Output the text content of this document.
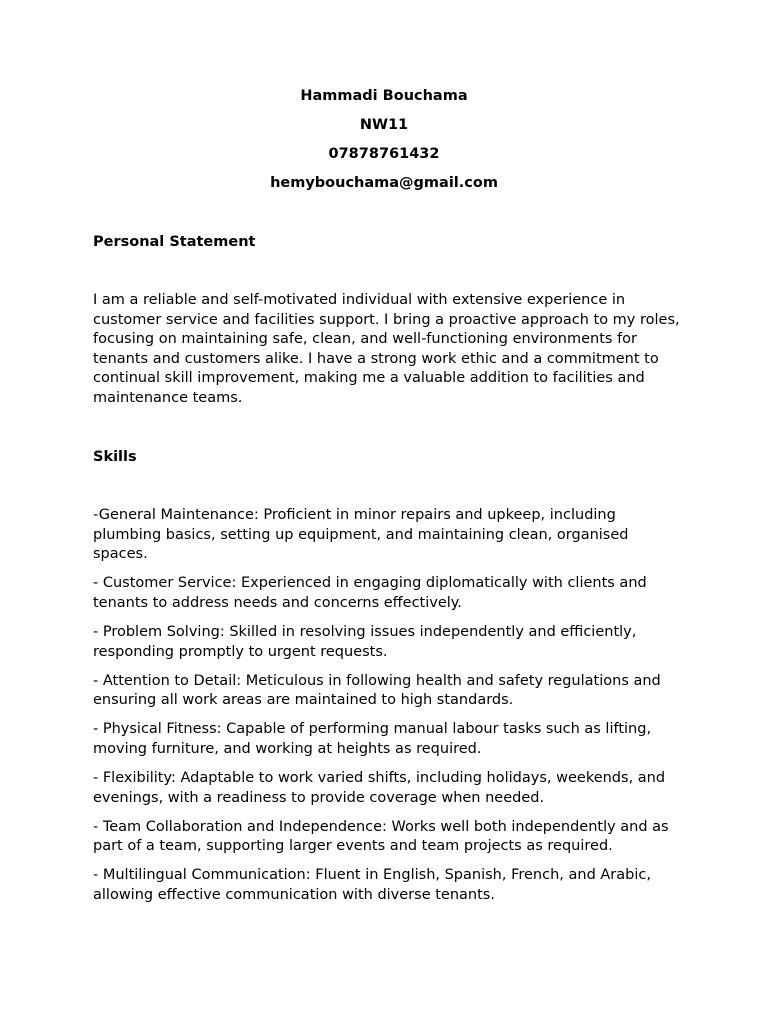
Hammadi Bouchama
NW11
07878761432
hemybouchama@gmail.com
Personal Statement

I am a reliable and self-motivated individual with extensive experience in customer service and facilities support. I bring a proactive approach to my roles, focusing on maintaining safe, clean, and well-functioning environments for tenants and customers alike. I have a strong work ethic and a commitment to continual skill improvement, making me a valuable addition to facilities and maintenance teams.

Skills
-General Maintenance: Proficient in minor repairs and upkeep, including plumbing basics, setting up equipment, and maintaining clean, organised spaces.
- Customer Service: Experienced in engaging diplomatically with clients and tenants to address needs and concerns effectively.
- Problem Solving: Skilled in resolving issues independently and efficiently, responding promptly to urgent requests.
- Attention to Detail: Meticulous in following health and safety regulations and ensuring all work areas are maintained to high standards.
- Physical Fitness: Capable of performing manual labour tasks such as lifting, moving furniture, and working at heights as required.
- Flexibility: Adaptable to work varied shifts, including holidays, weekends, and evenings, with a readiness to provide coverage when needed.
- Team Collaboration and Independence: Works well both independently and as part of a team, supporting larger events and team projects as required.
- Multilingual Communication: Fluent in English, Spanish, French, and Arabic, allowing effective communication with diverse tenants.
